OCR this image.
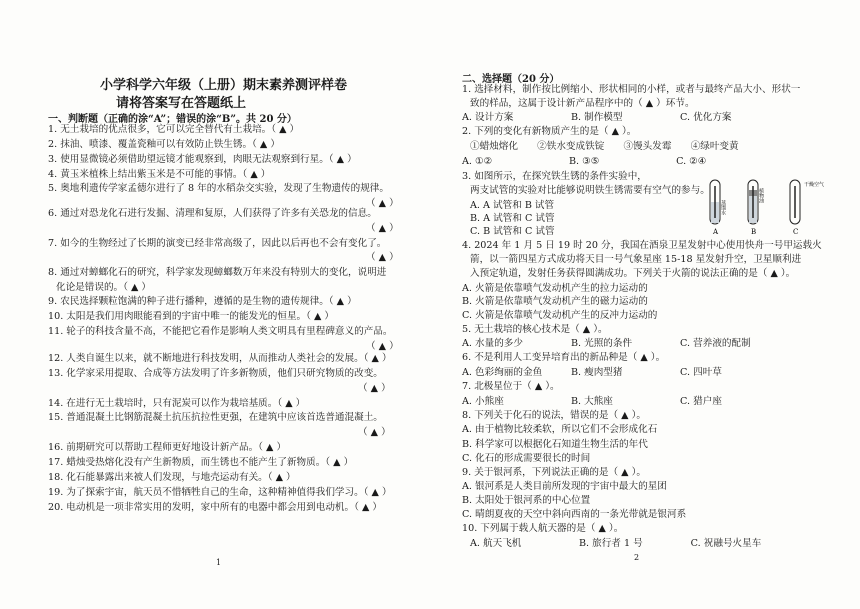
小学科学六年级（上册）期末素养测评样卷
请将答案写在答题纸上
一、判断题（正确的涂“A”；错误的涂“B”。共 20 分）
1. 无土栽培的优点很多，它可以完全替代有土栽培。（ ▲ ）
2. 抹油、喷漆、覆盖瓷釉可以有效防止铁生锈。（ ▲ ）
3. 使用显微镜必须借助望远镜才能观察到，肉眼无法观察到行星。（ ▲ ）
4. 黄玉米植株上结出紫玉米是不可能的事情。（ ▲ ）
5. 奥地利遗传学家孟德尔进行了 8 年的水稻杂交实验，发现了生物遗传的规律。
（ ▲ ）
6. 通过对恐龙化石进行发掘、清理和复原，人们获得了许多有关恐龙的信息。
（ ▲ ）
7. 如今的生物经过了长期的演变已经非常高级了，因此以后再也不会有变化了。
（ ▲ ）
8. 通过对蟑螂化石的研究，科学家发现蟑螂数万年来没有特别大的变化，说明进
化论是错误的。（ ▲ ）
9. 农民选择颗粒饱满的种子进行播种，遵循的是生物的遗传规律。（ ▲ ）
10. 太阳是我们用肉眼能看到的宇宙中唯一的能发光的恒星。（ ▲ ）
11. 轮子的科技含量不高，不能把它看作是影响人类文明具有里程碑意义的产品。
（ ▲ ）
12. 人类自诞生以来，就不断地进行科技发明，从而推动人类社会的发展。（ ▲ ）
13. 化学家采用提取、合成等方法发明了许多新物质，他们只研究物质的改变。
（ ▲ ）
14. 在进行无土栽培时，只有泥炭可以作为栽培基质。（ ▲ ）
15. 普通混凝土比钢筋混凝土抗压抗拉性更强，在建筑中应该首选普通混凝土。
（ ▲ ）
16. 前期研究可以帮助工程师更好地设计新产品。（ ▲ ）
17. 蜡烛受热熔化没有产生新物质，而生锈也不能产生了新物质。（ ▲ ）
18. 化石能暴露出来被人们发现，与地壳运动有关。（ ▲ ）
19. 为了探索宇宙，航天员不惜牺牲自己的生命，这种精神值得我们学习。（ ▲ ）
20. 电动机是一项非常实用的发明，家中所有的电器中都会用到电动机。（ ▲ ）
1
二、选择题（20 分）
1. 选择材料，制作按比例缩小、形状相同的小样，或者与最终产品大小、形状一
致的样品，这属于设计新产品程序中的（ ▲ ）环节。
A. 设计方案　　　　　　B. 制作模型　　　　　　C. 优化方案
2. 下列的变化有新物质产生的是（ ▲ ）。
①蜡烛熔化　　②铁水变成铁锭　　③馒头发霉　　④绿叶变黄
A. ①②　　　　　　　　B. ③⑤　　　　　　　　C. ②④
3. 如图所示，在探究铁生锈的条件实验中，
两支试管的实验对比能够说明铁生锈需要有空气的参与。
A. A 试管和 B 试管
B. A 试管和 C 试管
C. B 试管和 C 试管
4. 2024 年 1 月 5 日 19 时 20 分，我国在酒泉卫星发射中心使用快舟一号甲运载火
箭，以一箭四星方式成功将天目一号气象星座 15-18 星发射升空，卫星顺利进
入预定轨道，发射任务获得圆满成功。下列关于火箭的说法正确的是（ ▲ ）。
A. 火箭是依靠喷气发动机产生的拉力运动的
B. 火箭是依靠喷气发动机产生的磁力运动的
C. 火箭是依靠喷气发动机产生的反冲力运动的
5. 无土栽培的核心技术是（ ▲ ）。
A. 水量的多少　　　　　B. 光照的条件　　　　　C. 营养液的配制
6. 不是利用人工变异培育出的新品种是（ ▲ ）。
A. 色彩绚丽的金鱼　　　B. 瘦肉型猪　　　　　　C. 四叶草
7. 北极星位于（ ▲ ）。
A. 小熊座　　　　　　　B. 大熊座　　　　　　　C. 猎户座
8. 下列关于化石的说法，错误的是（ ▲ ）。
A. 由于植物比较柔软，所以它们不会形成化石
B. 科学家可以根据化石知道生物生活的年代
C. 化石的形成需要很长的时间
9. 关于银河系，下列说法正确的是（ ▲ ）。
A. 银河系是人类目前所发现的宇宙中最大的星团
B. 太阳处于银河系的中心位置
C. 晴朗夏夜的天空中斜向西南的一条光带就是银河系
10. 下列属于载人航天器的是（ ▲ ）。
A. 航天飞机　　　　　　B. 旅行者 1 号　　　　　C. 祝融号火星车
A
蒸馏水
B
植物油
C
干燥空气
2
